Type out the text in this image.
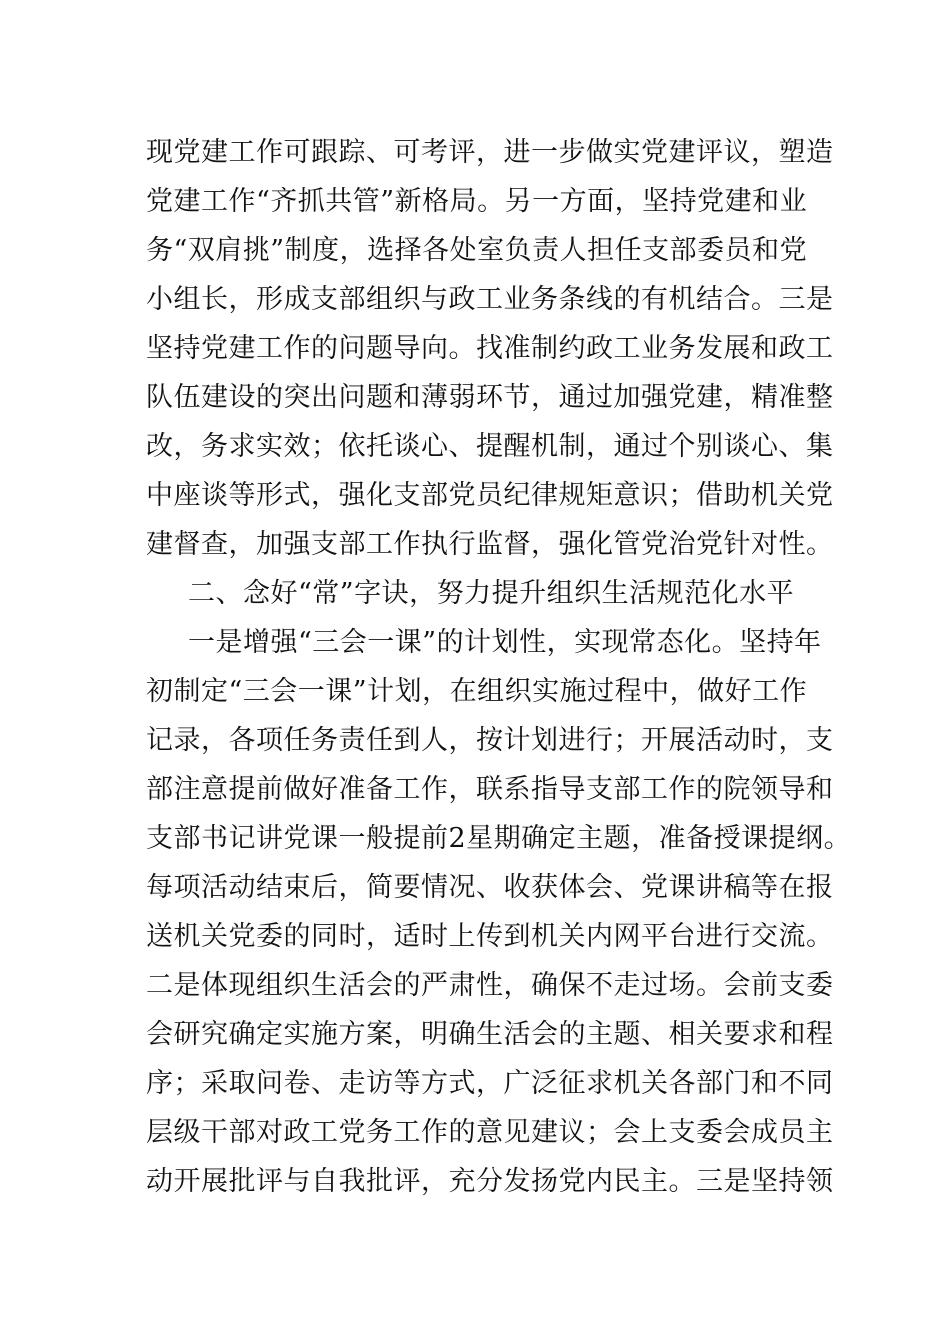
现党建工作可跟踪、可考评，进一步做实党建评议，塑造
党建工作“齐抓共管”新格局。另一方面，坚持党建和业
务“双肩挑”制度，选择各处室负责人担任支部委员和党
小组长，形成支部组织与政工业务条线的有机结合。三是
坚持党建工作的问题导向。找准制约政工业务发展和政工
队伍建设的突出问题和薄弱环节，通过加强党建，精准整
改，务求实效；依托谈心、提醒机制，通过个别谈心、集
中座谈等形式，强化支部党员纪律规矩意识；借助机关党
建督查，加强支部工作执行监督，强化管党治党针对性。
二、念好“常”字诀，努力提升组织生活规范化水平
一是增强“三会一课”的计划性，实现常态化。坚持年
初制定“三会一课”计划，在组织实施过程中，做好工作
记录，各项任务责任到人，按计划进行；开展活动时，支
部注意提前做好准备工作，联系指导支部工作的院领导和
支部书记讲党课一般提前2星期确定主题，准备授课提纲。
每项活动结束后，简要情况、收获体会、党课讲稿等在报
送机关党委的同时，适时上传到机关内网平台进行交流。
二是体现组织生活会的严肃性，确保不走过场。会前支委
会研究确定实施方案，明确生活会的主题、相关要求和程
序；采取问卷、走访等方式，广泛征求机关各部门和不同
层级干部对政工党务工作的意见建议；会上支委会成员主
动开展批评与自我批评，充分发扬党内民主。三是坚持领
